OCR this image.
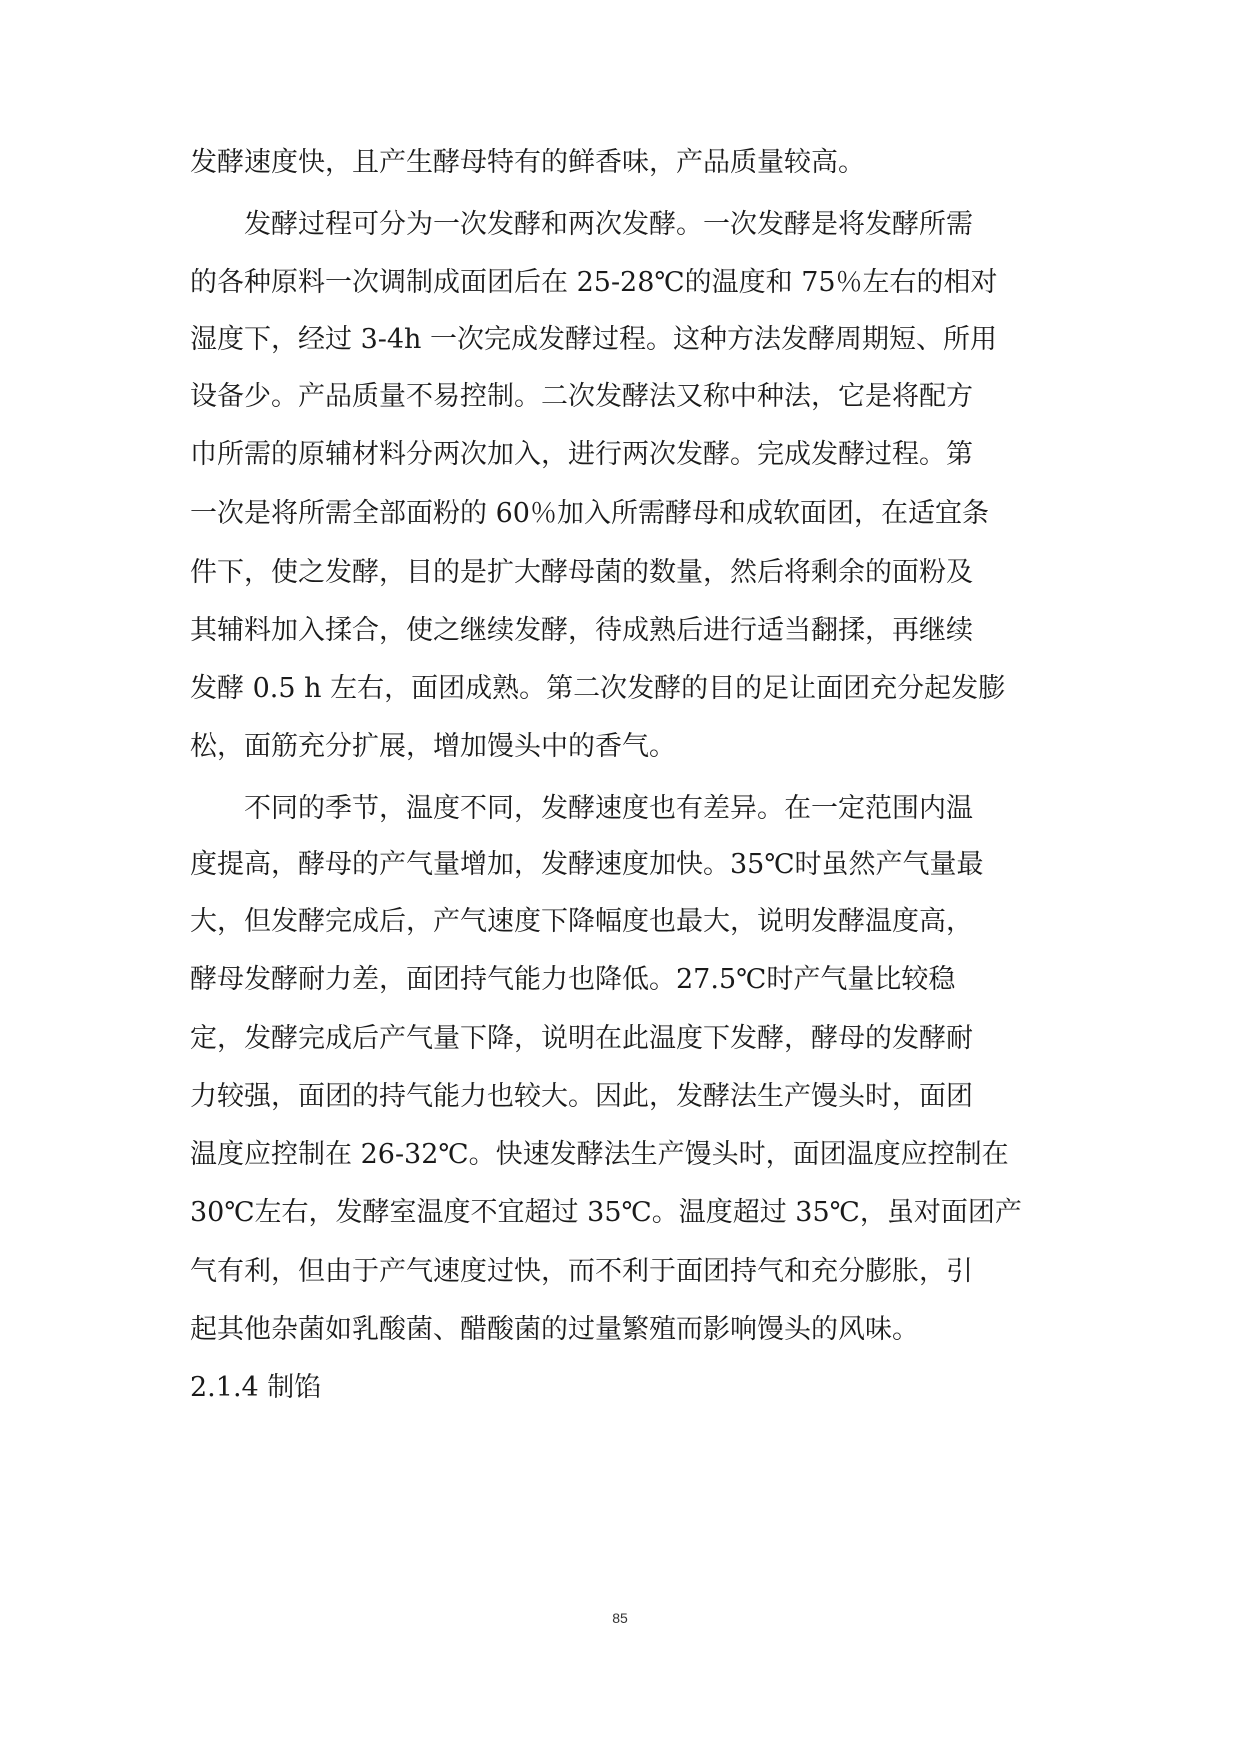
发酵速度快，且产生酵母特有的鲜香味，产品质量较高。
发酵过程可分为一次发酵和两次发酵。一次发酵是将发酵所需
的各种原料一次调制成面团后在 25-28℃的温度和 75％左右的相对
湿度下，经过 3-4h 一次完成发酵过程。这种方法发酵周期短、所用
设备少。产品质量不易控制。二次发酵法又称中种法，它是将配方
巾所需的原辅材料分两次加入，进行两次发酵。完成发酵过程。第
一次是将所需全部面粉的 60％加入所需酵母和成软面团，在适宜条
件下，使之发酵，目的是扩大酵母菌的数量，然后将剩余的面粉及
其辅料加入揉合，使之继续发酵，待成熟后进行适当翻揉，再继续
发酵 0.5 h 左右，面团成熟。第二次发酵的目的足让面团充分起发膨
松，面筋充分扩展，增加馒头中的香气。
不同的季节，温度不同，发酵速度也有差异。在一定范围内温
度提高，酵母的产气量增加，发酵速度加快。35℃时虽然产气量最
大，但发酵完成后，产气速度下降幅度也最大，说明发酵温度高，
酵母发酵耐力差，面团持气能力也降低。27.5℃时产气量比较稳
定，发酵完成后产气量下降，说明在此温度下发酵，酵母的发酵耐
力较强，面团的持气能力也较大。因此，发酵法生产馒头时，面团
温度应控制在 26-32℃。快速发酵法生产馒头时，面团温度应控制在
30℃左右，发酵室温度不宜超过 35℃。温度超过 35℃，虽对面团产
气有利，但由于产气速度过快，而不利于面团持气和充分膨胀，引
起其他杂菌如乳酸菌、醋酸菌的过量繁殖而影响馒头的风味。
2.1.4 制馅
85
